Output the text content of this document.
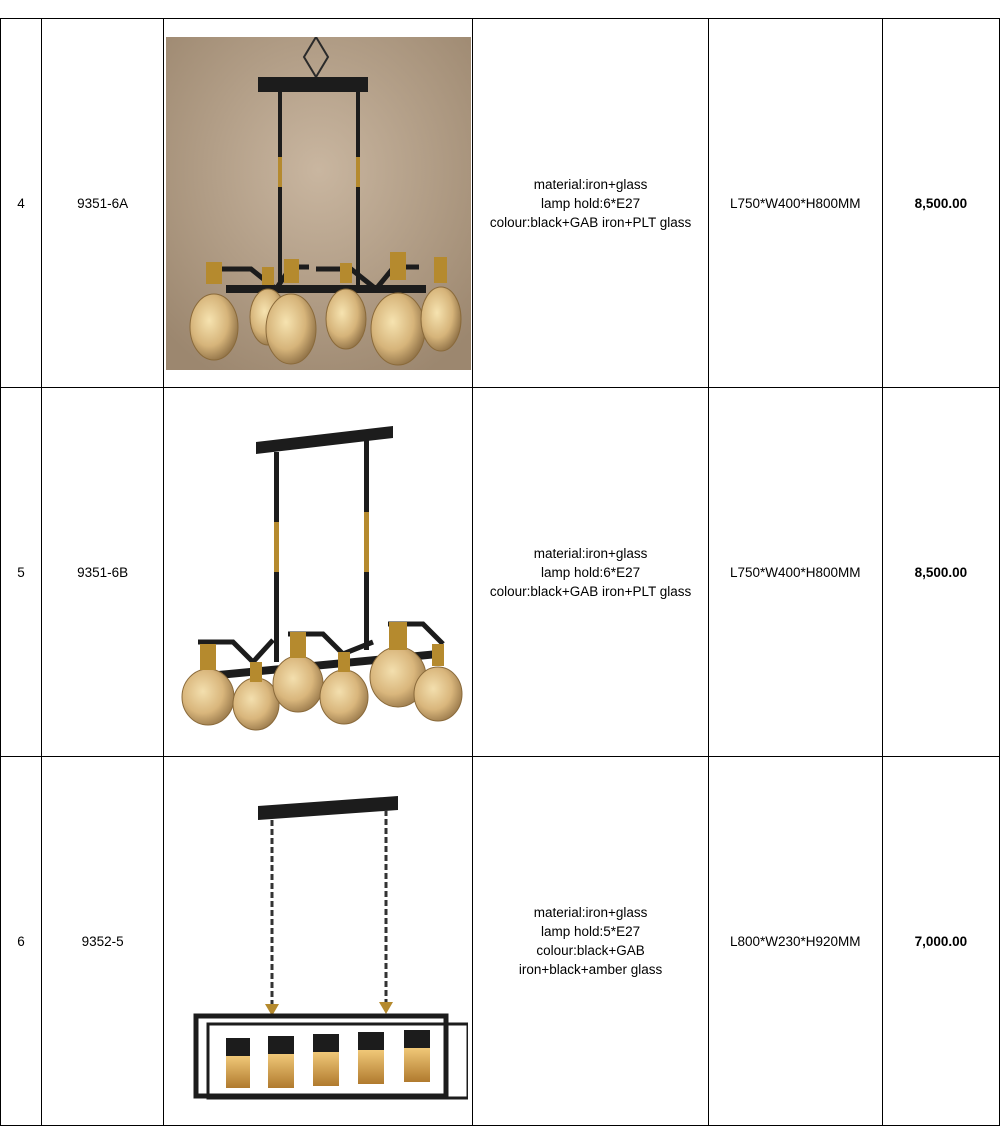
4	9351-6A		material:iron+glass
lamp hold:6*E27
colour:black+GAB iron+PLT glass	L750*W400*H800MM	8,500.00
5	9351-6B		material:iron+glass
lamp hold:6*E27
colour:black+GAB iron+PLT glass	L750*W400*H800MM	8,500.00
6	9352-5		material:iron+glass
lamp hold:5*E27
colour:black+GAB
iron+black+amber glass	L800*W230*H920MM	7,000.00
